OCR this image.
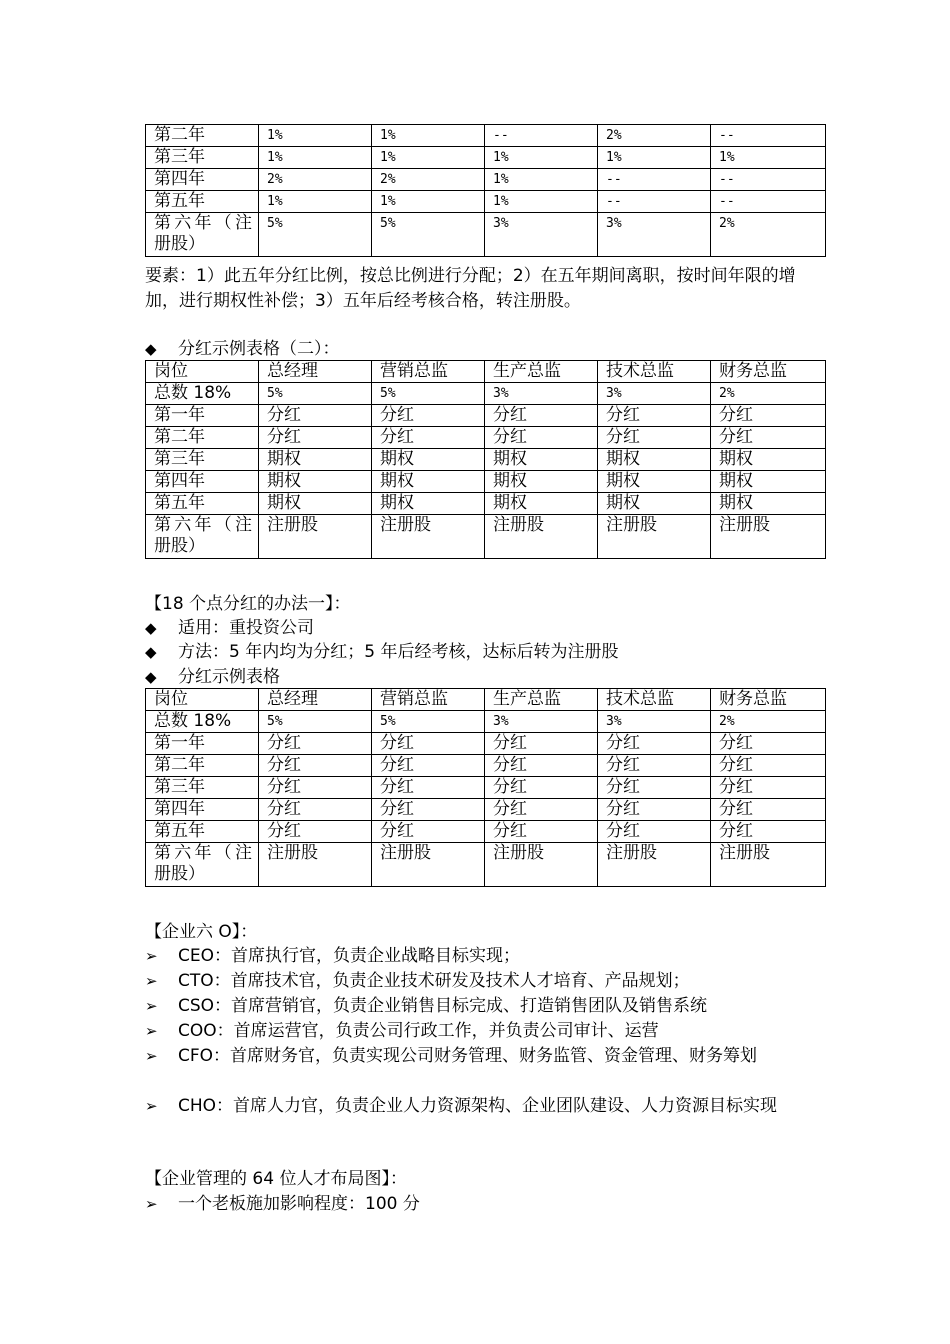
第二年	1%	1%	--	2%	--
第三年	1%	1%	1%	1%	1%
第四年	2%	2%	1%	--	--
第五年	1%	1%	1%	--	--
第六年（注册股）	5%	5%	3%	3%	2%
要素：1）此五年分红比例，按总比例进行分配；2）在五年期间离职，按时间年限的增加，进行期权性补偿；3）五年后经考核合格，转注册股。
◆	分红示例表格（二）：
岗位	总经理	营销总监	生产总监	技术总监	财务总监
总数 18%	5%	5%	3%	3%	2%
第一年	分红	分红	分红	分红	分红
第二年	分红	分红	分红	分红	分红
第三年	期权	期权	期权	期权	期权
第四年	期权	期权	期权	期权	期权
第五年	期权	期权	期权	期权	期权
第六年（注册股）	注册股	注册股	注册股	注册股	注册股
【18 个点分红的办法一】：
◆	适用：重投资公司
◆	方法：5 年内均为分红；5 年后经考核，达标后转为注册股
◆	分红示例表格
岗位	总经理	营销总监	生产总监	技术总监	财务总监
总数 18%	5%	5%	3%	3%	2%
第一年	分红	分红	分红	分红	分红
第二年	分红	分红	分红	分红	分红
第三年	分红	分红	分红	分红	分红
第四年	分红	分红	分红	分红	分红
第五年	分红	分红	分红	分红	分红
第六年（注册股）	注册股	注册股	注册股	注册股	注册股
【企业六 O】：
➢	CEO：首席执行官，负责企业战略目标实现；
➢	CTO：首席技术官，负责企业技术研发及技术人才培育、产品规划；
➢	CSO：首席营销官，负责企业销售目标完成、打造销售团队及销售系统
➢	COO：首席运营官，负责公司行政工作，并负责公司审计、运营
➢	CFO：首席财务官，负责实现公司财务管理、财务监管、资金管理、财务筹划
➢	CHO：首席人力官，负责企业人力资源架构、企业团队建设、人力资源目标实现
【企业管理的 64 位人才布局图】：
➢	一个老板施加影响程度：100 分
